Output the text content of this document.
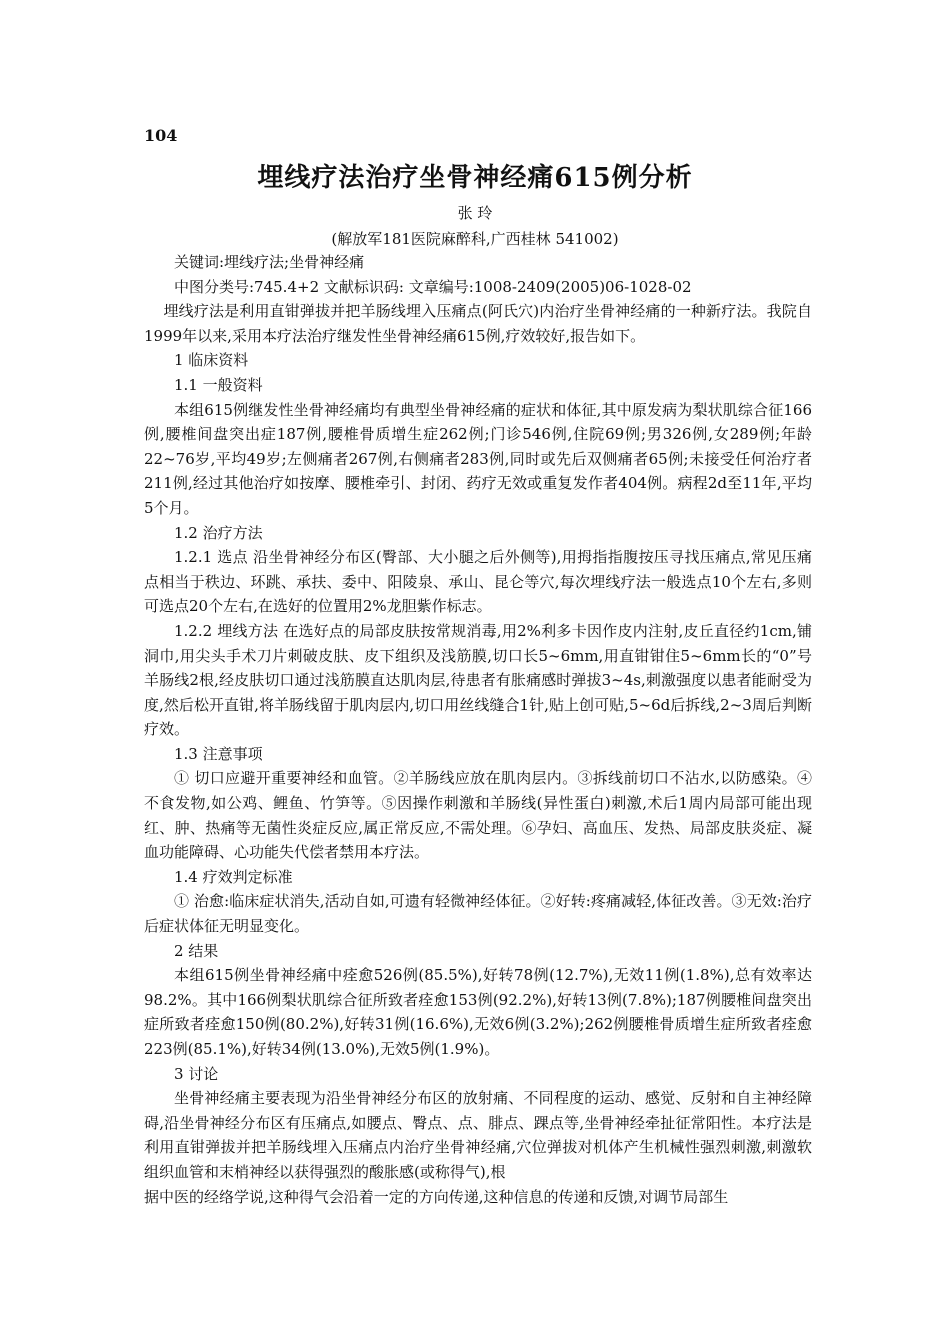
104
埋线疗法治疗坐骨神经痛615例分析
张 玲
(解放军181医院麻醉科,广西桂林 541002)

关键词:埋线疗法;坐骨神经痛

中图分类号:745.4+2 文献标识码: 文章编号:1008-2409(2005)06-1028-02

埋线疗法是利用直钳弹拔并把羊肠线埋入压痛点(阿氏穴)内治疗坐骨神经痛的一种新疗法。我院自1999年以来,采用本疗法治疗继发性坐骨神经痛615例,疗效较好,报告如下。

1 临床资料

1.1 一般资料

本组615例继发性坐骨神经痛均有典型坐骨神经痛的症状和体征,其中原发病为梨状肌综合征166例,腰椎间盘突出症187例,腰椎骨质增生症262例;门诊546例,住院69例;男326例,女289例;年龄22~76岁,平均49岁;左侧痛者267例,右侧痛者283例,同时或先后双侧痛者65例;未接受任何治疗者211例,经过其他治疗如按摩、腰椎牵引、封闭、药疗无效或重复发作者404例。病程2d至11年,平均5个月。

1.2 治疗方法

1.2.1 选点 沿坐骨神经分布区(臀部、大小腿之后外侧等),用拇指指腹按压寻找压痛点,常见压痛点相当于秩边、环跳、承扶、委中、阳陵泉、承山、昆仑等穴,每次埋线疗法一般选点10个左右,多则可选点20个左右,在选好的位置用2%龙胆紫作标志。

1.2.2 埋线方法 在选好点的局部皮肤按常规消毒,用2%利多卡因作皮内注射,皮丘直径约1cm,铺洞巾,用尖头手术刀片刺破皮肤、皮下组织及浅筋膜,切口长5~6mm,用直钳钳住5~6mm长的“0”号羊肠线2根,经皮肤切口通过浅筋膜直达肌肉层,待患者有胀痛感时弹拔3~4s,刺激强度以患者能耐受为度,然后松开直钳,将羊肠线留于肌肉层内,切口用丝线缝合1针,贴上创可贴,5~6d后拆线,2~3周后判断疗效。

1.3 注意事项

① 切口应避开重要神经和血管。②羊肠线应放在肌肉层内。③拆线前切口不沾水,以防感染。④不食发物,如公鸡、鲤鱼、竹笋等。⑤因操作刺激和羊肠线(异性蛋白)刺激,术后1周内局部可能出现红、肿、热痛等无菌性炎症反应,属正常反应,不需处理。⑥孕妇、高血压、发热、局部皮肤炎症、凝血功能障碍、心功能失代偿者禁用本疗法。

1.4 疗效判定标准

① 治愈:临床症状消失,活动自如,可遗有轻微神经体征。②好转:疼痛减轻,体征改善。③无效:治疗后症状体征无明显变化。

2 结果

本组615例坐骨神经痛中痊愈526例(85.5%),好转78例(12.7%),无效11例(1.8%),总有效率达98.2%。其中166例梨状肌综合征所致者痊愈153例(92.2%),好转13例(7.8%);187例腰椎间盘突出症所致者痊愈150例(80.2%),好转31例(16.6%),无效6例(3.2%);262例腰椎骨质增生症所致者痊愈223例(85.1%),好转34例(13.0%),无效5例(1.9%)。

3 讨论

坐骨神经痛主要表现为沿坐骨神经分布区的放射痛、不同程度的运动、感觉、反射和自主神经障碍,沿坐骨神经分布区有压痛点,如腰点、臀点、点、腓点、踝点等,坐骨神经牵扯征常阳性。本疗法是利用直钳弹拔并把羊肠线埋入压痛点内治疗坐骨神经痛,穴位弹拔对机体产生机械性强烈刺激,刺激软组织血管和末梢神经以获得强烈的酸胀感(或称得气),根

据中医的经络学说,这种得气会沿着一定的方向传递,这种信息的传递和反馈,对调节局部生
